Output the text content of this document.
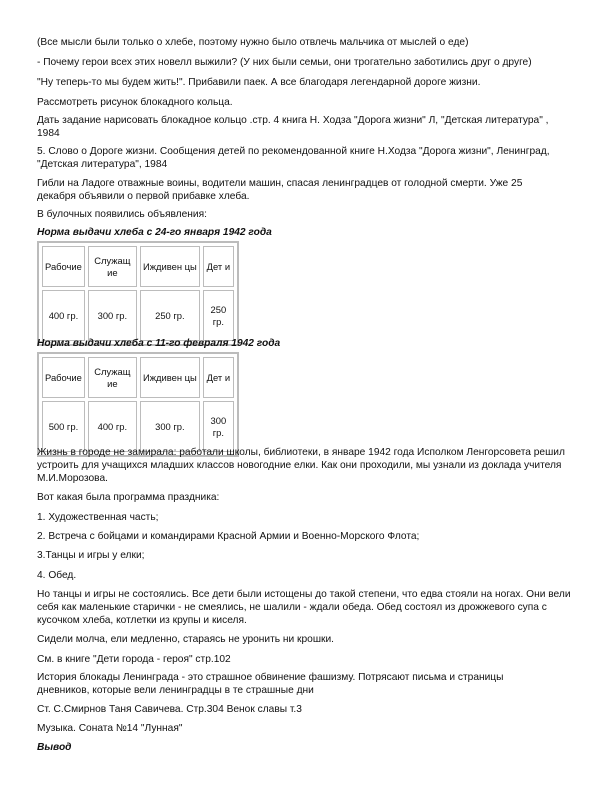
(Все мысли были только о хлебе, поэтому нужно было отвлечь мальчика от мыслей о еде)

- Почему герои всех этих новелл выжили? (У них были семьи, они трогательно заботились друг о друге)

"Ну теперь-то мы будем жить!". Прибавили паек. А все благодаря легендарной дороге жизни.

Рассмотреть рисунок блокадного кольца.

Дать задание нарисовать блокадное кольцо .стр. 4 книга Н. Ходза "Дорога жизни" Л, "Детская литература" , 1984

5. Слово о Дороге жизни. Сообщения детей по рекомендованной книге Н.Ходза "Дорога жизни", Ленинград, "Детская литература", 1984

Гибли на Ладоге отважные воины, водители машин, спасая ленинградцев от голодной смерти. Уже 25 декабря объявили о первой прибавке хлеба.

В булочных появились объявления:

Норма выдачи хлеба с 24-го января 1942 года

Рабочие	Служащ ие	Иждивен цы	Дет и
400 гр.	300 гр.	250 гр.	250 гр.

Норма выдачи хлеба с 11-го февраля 1942 года

Рабочие	Служащ ие	Иждивен цы	Дет и
500 гр.	400 гр.	300 гр.	300 гр.

Жизнь в городе не замирала: работали школы, библиотеки, в январе 1942 года Исполком Ленгорсовета решил устроить для учащихся младших классов новогодние елки. Как они проходили, мы узнали из доклада учителя М.И.Морозова.

Вот какая была программа праздника:

1. Художественная часть;

2. Встреча с бойцами и командирами Красной Армии и Военно-Морского Флота;

3.Танцы и игры у елки;

4. Обед.

Но танцы и игры не состоялись. Все дети были истощены до такой степени, что едва стояли на ногах. Они вели себя как маленькие старички - не смеялись, не шалили - ждали обеда. Обед состоял из дрожжевого супа с кусочком хлеба, котлетки из крупы и киселя.

Сидели молча, ели медленно, стараясь не уронить ни крошки.

См. в книге "Дети города - героя" стр.102

История блокады Ленинграда - это страшное обвинение фашизму. Потрясают письма и страницы дневников, которые вели ленинградцы в те страшные дни

Ст. С.Смирнов Таня Савичева. Стр.304 Венок славы т.3

Музыка. Соната №14 "Лунная"

Вывод
